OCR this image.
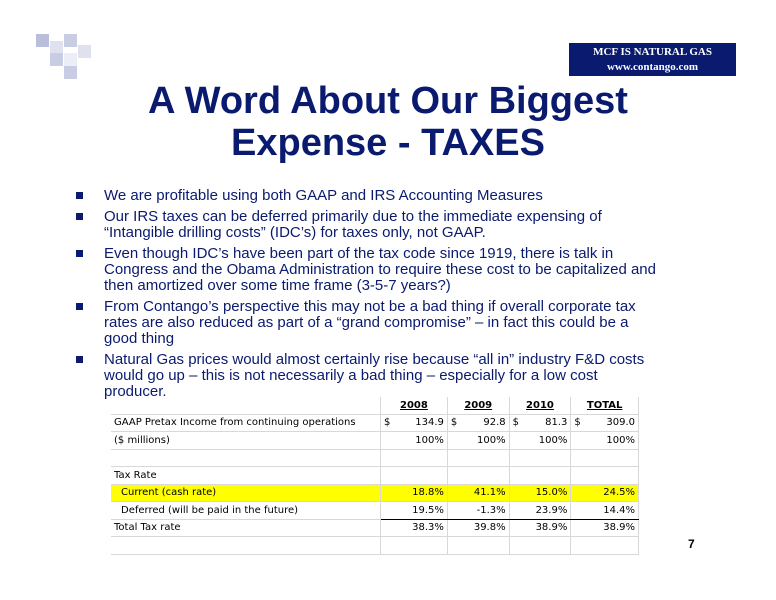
MCF IS NATURAL GAS
www.contango.com
A Word About Our Biggest
Expense - TAXES
We are profitable using both GAAP and IRS Accounting Measures
Our IRS taxes can be deferred primarily due to the immediate expensing of “Intangible drilling costs” (IDC’s) for taxes only, not GAAP.
Even though IDC’s have been part of the tax code since 1919, there is talk in Congress and the Obama Administration to require these cost to be capitalized and then amortized over some time frame (3-5-7 years?)
From Contango’s perspective this may not be a bad thing if overall corporate tax rates are also reduced as part of a “grand compromise” – in fact this could be a good thing
Natural Gas prices would almost certainly rise because “all in” industry F&D costs would go up – this is not necessarily a bad thing – especially for a low cost producer.
	2008	2009	2010	TOTAL
GAAP Pretax Income from continuing operations	$ 134.9	$ 92.8	$ 81.3	$ 309.0
($ millions)	100%	100%	100%	100%

Tax Rate				
Current (cash rate)	18.8%	41.1%	15.0%	24.5%
Deferred (will be paid in the future)	19.5%	-1.3%	23.9%	14.4%
Total Tax rate	38.3%	39.8%	38.9%	38.9%

7
